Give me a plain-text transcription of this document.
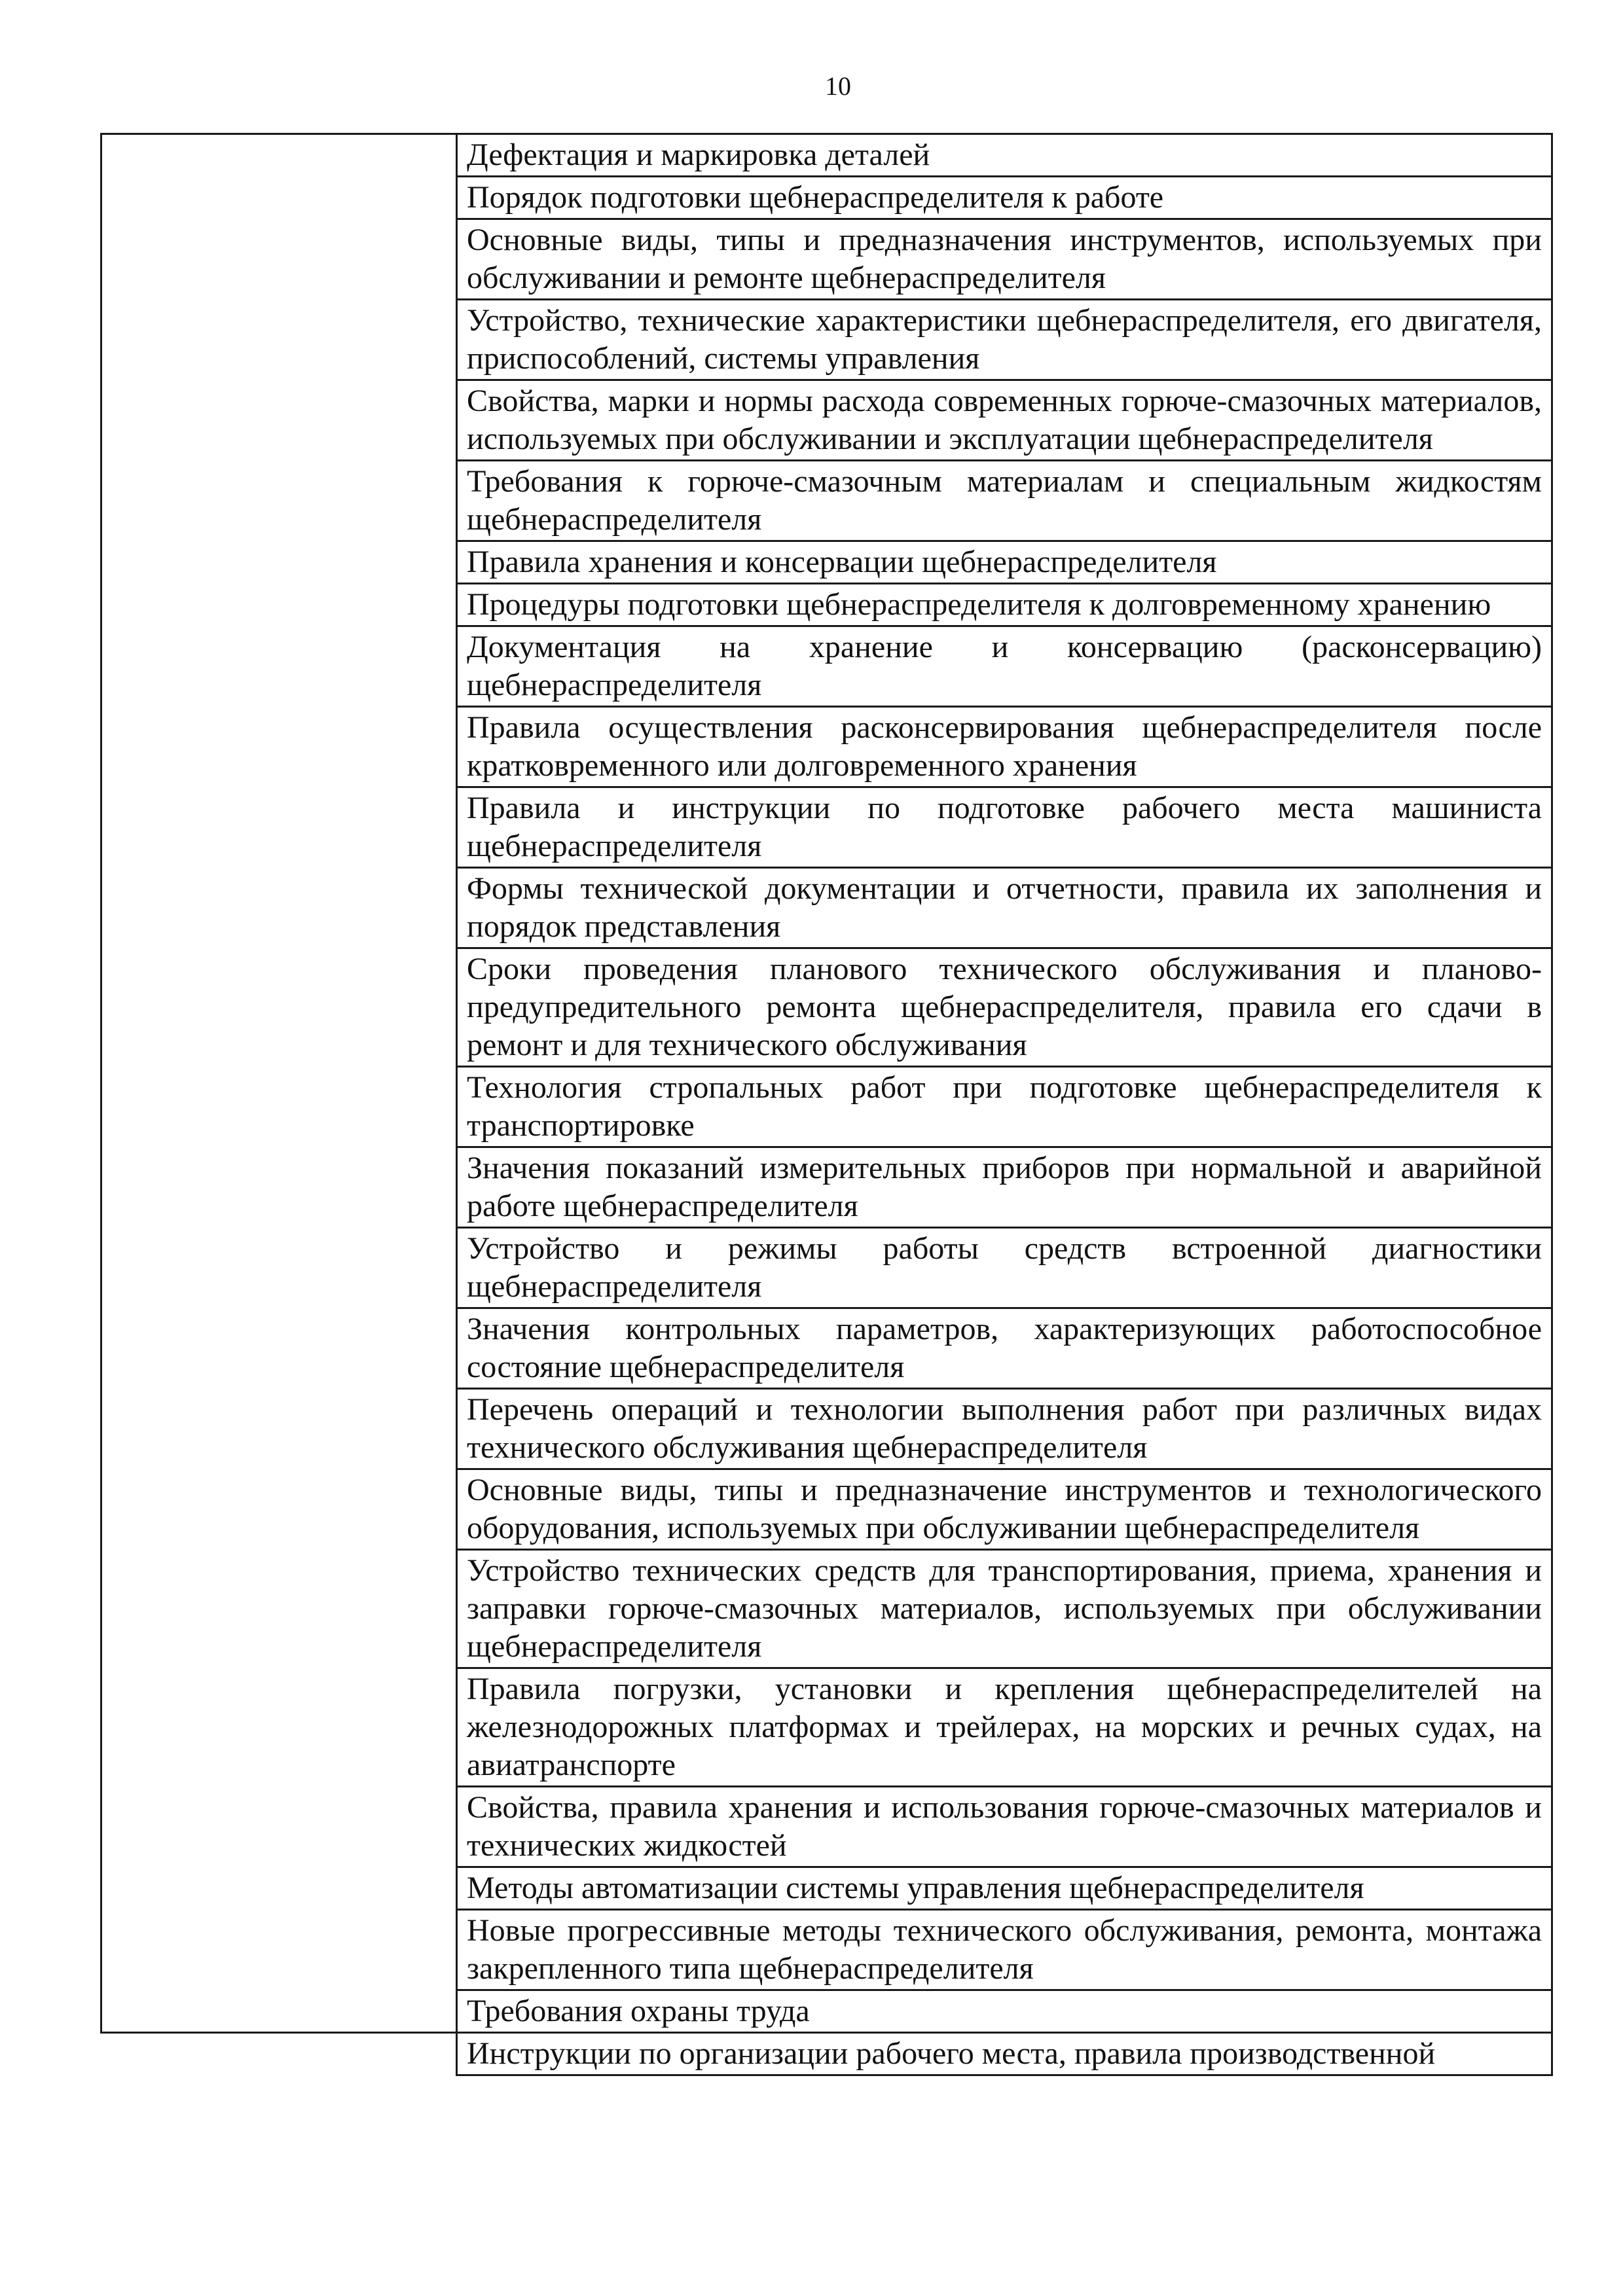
10
	Дефектация и маркировка деталей
	Порядок подготовки щебнераспределителя к работе
	Основные виды, типы и предназначения инструментов, используемых при обслуживании и ремонте щебнераспределителя
	Устройство, технические характеристики щебнераспределителя, его двигателя, приспособлений, системы управления
	Свойства, марки и нормы расхода современных горюче-смазочных материалов, используемых при обслуживании и эксплуатации щебнераспределителя
	Требования к горюче-смазочным материалам и специальным жидкостям щебнераспределителя
	Правила хранения и консервации щебнераспределителя
	Процедуры подготовки щебнераспределителя к долговременному хранению
	Документация на хранение и консервацию (расконсервацию) щебнераспределителя
	Правила осуществления расконсервирования щебнераспределителя после кратковременного или долговременного хранения
	Правила и инструкции по подготовке рабочего места машиниста щебнераспределителя
	Формы технической документации и отчетности, правила их заполнения и порядок представления
	Сроки проведения планового технического обслуживания и планово-предупредительного ремонта щебнераспределителя, правила его сдачи в ремонт и для технического обслуживания
	Технология стропальных работ при подготовке щебнераспределителя к транспортировке
	Значения показаний измерительных приборов при нормальной и аварийной работе щебнераспределителя
	Устройство и режимы работы средств встроенной диагностики щебнераспределителя
	Значения контрольных параметров, характеризующих работоспособное состояние щебнераспределителя
	Перечень операций и технологии выполнения работ при различных видах технического обслуживания щебнераспределителя
	Основные виды, типы и предназначение инструментов и технологического оборудования, используемых при обслуживании щебнераспределителя
	Устройство технических средств для транспортирования, приема, хранения и заправки горюче-смазочных материалов, используемых при обслуживании щебнераспределителя
	Правила погрузки, установки и крепления щебнераспределителей на железнодорожных платформах и трейлерах, на морских и речных судах, на авиатранспорте
	Свойства, правила хранения и использования горюче-смазочных материалов и технических жидкостей
	Методы автоматизации системы управления щебнераспределителя
	Новые прогрессивные методы технического обслуживания, ремонта, монтажа закрепленного типа щебнераспределителя
	Требования охраны труда
	Инструкции по организации рабочего места, правила производственной
